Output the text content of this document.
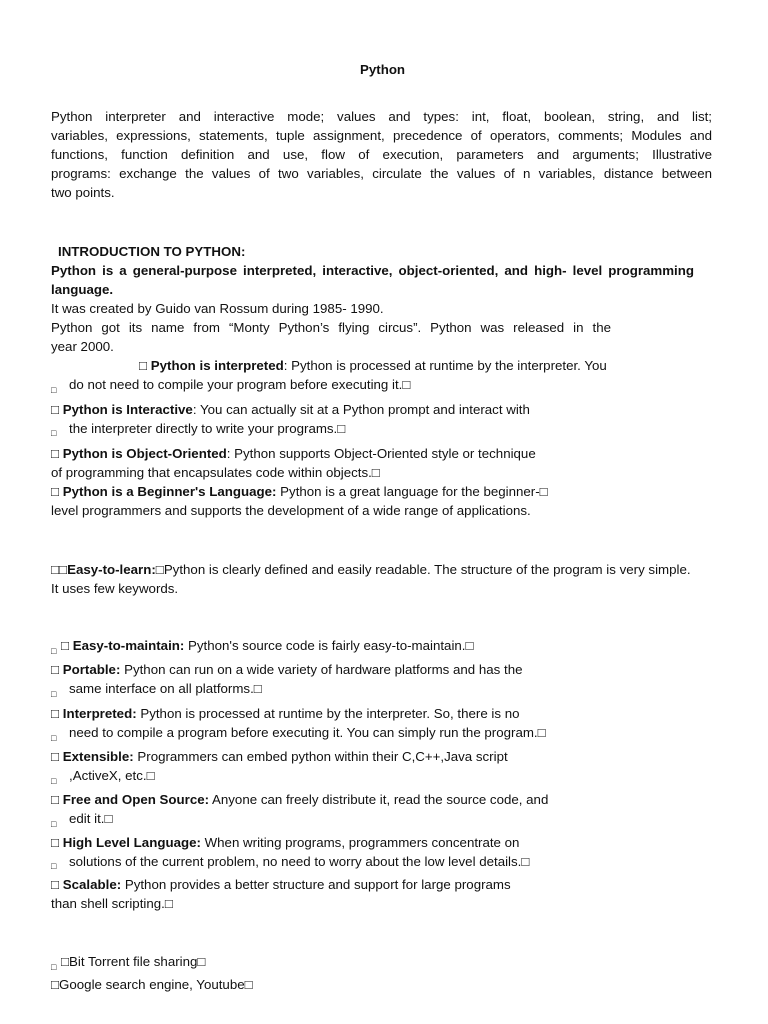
Python
Python interpreter and interactive mode; values and types: int, float, boolean, string, and list;
variables, expressions, statements, tuple assignment, precedence of operators, comments; Modules and
functions, function definition and use, flow of execution, parameters and arguments; Illustrative
programs: exchange the values of two variables, circulate the values of n variables, distance between
two points.
INTRODUCTION TO PYTHON:
Python is a general-purpose interpreted, interactive, object-oriented, and high- level programming
language.
It was created by Guido van Rossum during 1985- 1990.
Python got its name from “Monty Python’s flying circus”. Python was released in the
year 2000.
□ Python is interpreted: Python is processed at runtime by the interpreter. You
□ do not need to compile your program before executing it.□
□ Python is Interactive: You can actually sit at a Python prompt and interact with
□ the interpreter directly to write your programs.□
□ Python is Object-Oriented: Python supports Object-Oriented style or technique
of programming that encapsulates code within objects.□
□ Python is a Beginner's Language: Python is a great language for the beginner-□
level programmers and supports the development of a wide range of applications.
□□Easy-to-learn:□Python is clearly defined and easily readable. The structure of the program is very simple.
It uses few keywords.
□ □ Easy-to-maintain: Python's source code is fairly easy-to-maintain.□
□ Portable: Python can run on a wide variety of hardware platforms and has the
□ same interface on all platforms.□
□ Interpreted: Python is processed at runtime by the interpreter. So, there is no
□ need to compile a program before executing it. You can simply run the program.□
□ Extensible: Programmers can embed python within their C,C++,Java script
□ ,ActiveX, etc.□
□ Free and Open Source: Anyone can freely distribute it, read the source code, and
□ edit it.□
□ High Level Language: When writing programs, programmers concentrate on
□ solutions of the current problem, no need to worry about the low level details.□
□ Scalable: Python provides a better structure and support for large programs
than shell scripting.□
□ □Bit Torrent file sharing□
□Google search engine, Youtube□
